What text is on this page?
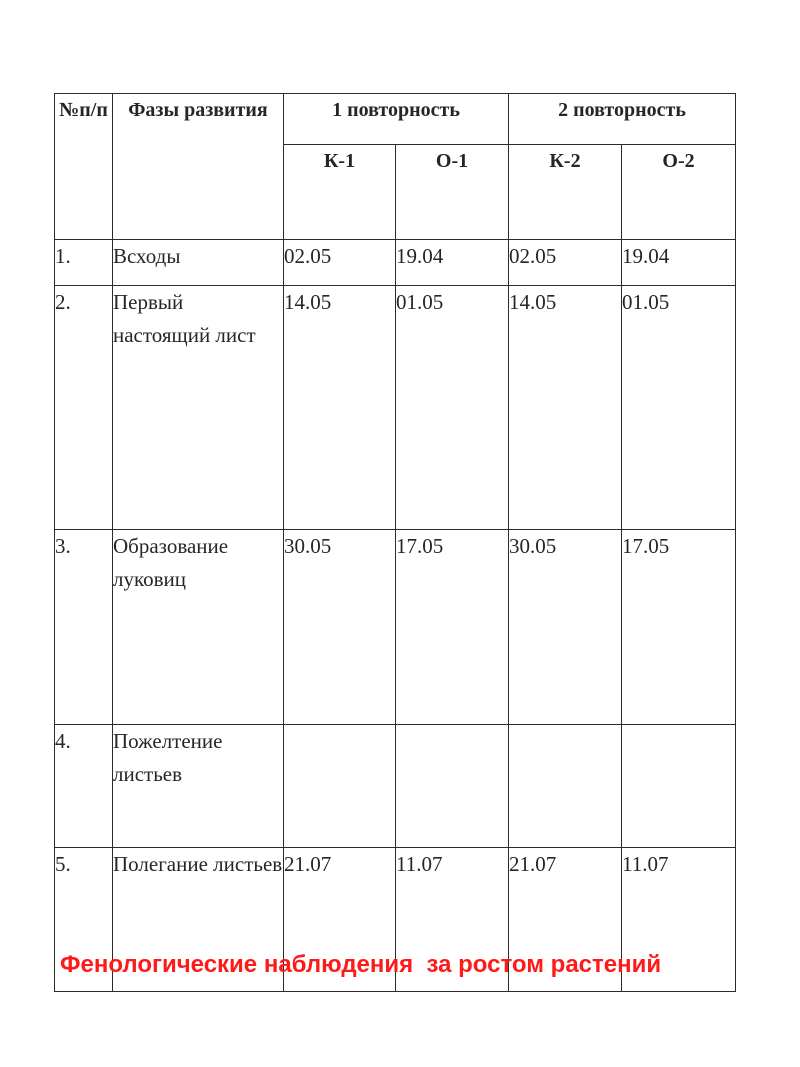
№п/п	Фазы развития	1 повторность		2 повторность	
		К-1	О-1	К-2	О-2
1.	Всходы	02.05	19.04	02.05	19.04
2.	Первый настоящий лист	14.05	01.05	14.05	01.05
3.	Образование луковиц	30.05	17.05	30.05	17.05
4.	Пожелтение листьев				
5.	Полегание листьев	21.07	11.07	21.07	11.07

Фенологические наблюдения  за ростом растений
